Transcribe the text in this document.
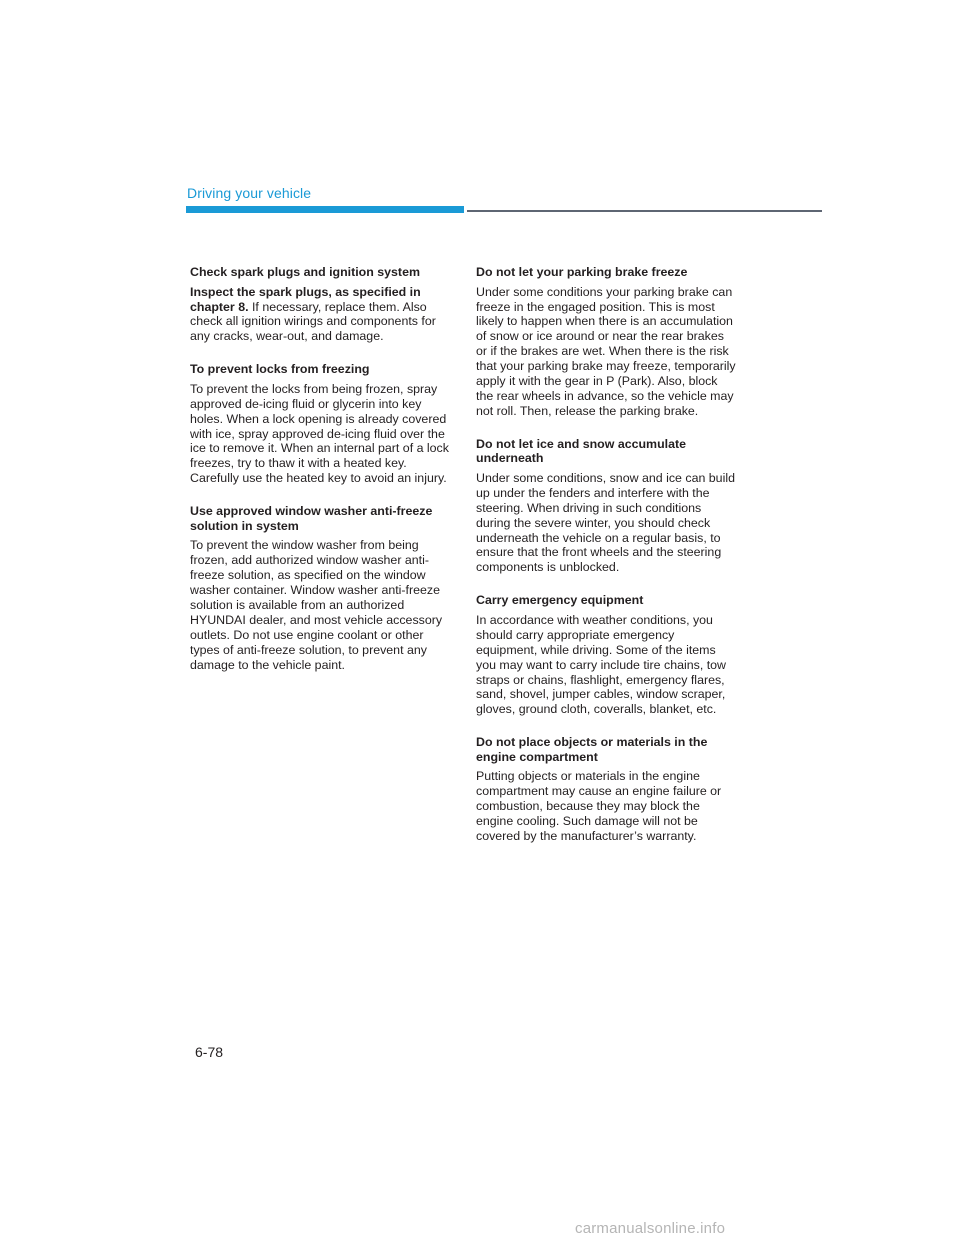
Driving your vehicle
Check spark plugs and ignition system

Inspect the spark plugs, as specified in chapter 8. If necessary, replace them. Also check all ignition wirings and components for any cracks, wear-out, and damage.

To prevent locks from freezing

To prevent the locks from being frozen, spray approved de-icing fluid or glycerin into key holes. When a lock opening is already covered with ice, spray approved de-icing fluid over the ice to remove it. When an internal part of a lock freezes, try to thaw it with a heated key. Carefully use the heated key to avoid an injury.

Use approved window washer anti-freeze solution in system

To prevent the window washer from being frozen, add authorized window washer anti-freeze solution, as specified on the window washer container. Window washer anti-freeze solution is available from an authorized HYUNDAI dealer, and most vehicle accessory outlets. Do not use engine coolant or other types of anti-freeze solution, to prevent any damage to the vehicle paint.

Do not let your parking brake freeze

Under some conditions your parking brake can freeze in the engaged position. This is most likely to happen when there is an accumulation of snow or ice around or near the rear brakes or if the brakes are wet. When there is the risk that your parking brake may freeze, temporarily apply it with the gear in P (Park). Also, block the rear wheels in advance, so the vehicle may not roll. Then, release the parking brake.

Do not let ice and snow accumulate underneath

Under some conditions, snow and ice can build up under the fenders and interfere with the steering. When driving in such conditions during the severe winter, you should check underneath the vehicle on a regular basis, to ensure that the front wheels and the steering components is unblocked.

Carry emergency equipment

In accordance with weather conditions, you should carry appropriate emergency equipment, while driving. Some of the items you may want to carry include tire chains, tow straps or chains, flashlight, emergency flares, sand, shovel, jumper cables, window scraper, gloves, ground cloth, coveralls, blanket, etc.

Do not place objects or materials in the engine compartment

Putting objects or materials in the engine compartment may cause an engine failure or combustion, because they may block the engine cooling. Such damage will not be covered by the manufacturer’s warranty.

6-78
carmanualsonline.info
